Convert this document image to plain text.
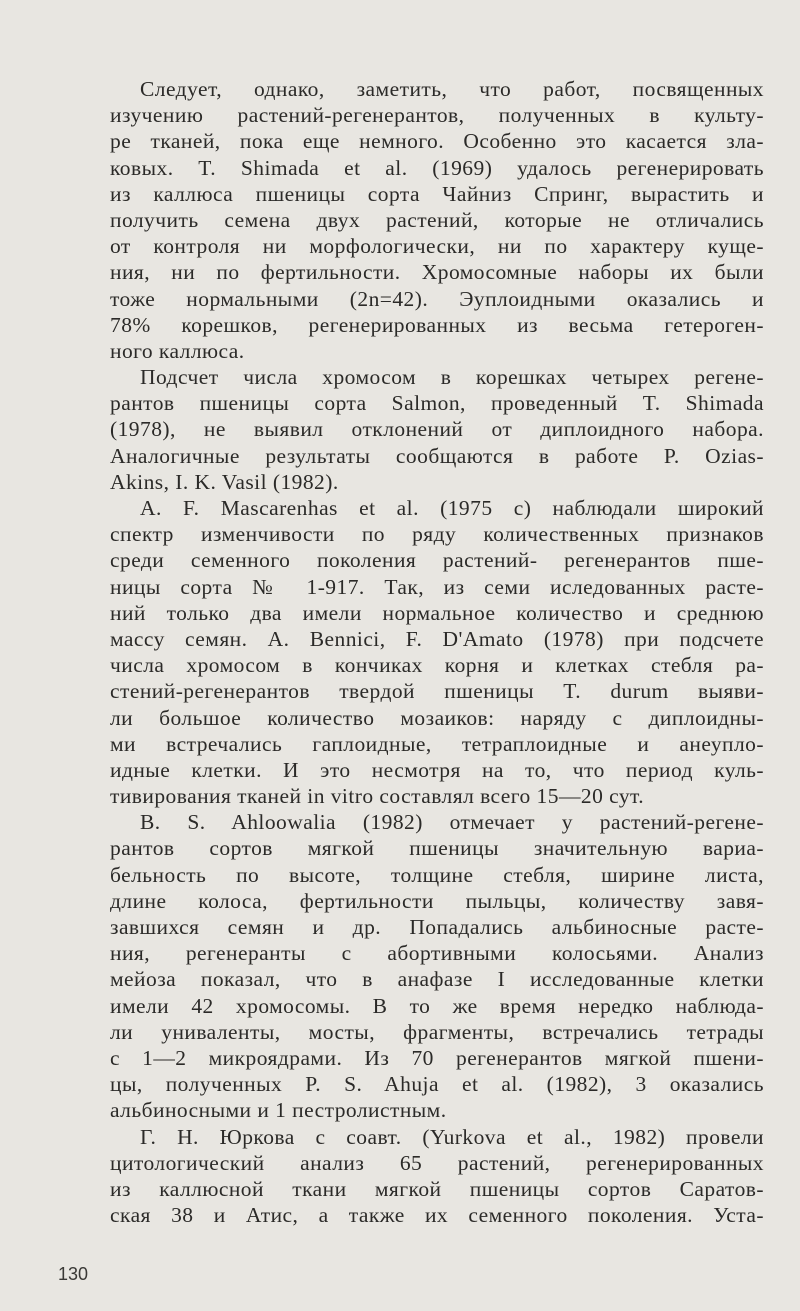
Следует, однако, заметить, что работ, посвященных
изучению растений-регенерантов, полученных в культу-
ре тканей, пока еще немного. Особенно это касается зла-
ковых. T. Shimada et al. (1969) удалось регенерировать
из каллюса пшеницы сорта Чайниз Спринг, вырастить и
получить семена двух растений, которые не отличались
от контроля ни морфологически, ни по характеру куще-
ния, ни по фертильности. Хромосомные наборы их были
тоже нормальными (2n=42). Эуплоидными оказались и
78% корешков, регенерированных из весьма гетероген-
ного каллюса.
Подсчет числа хромосом в корешках четырех регене-
рантов пшеницы сорта Salmon, проведенный T. Shimada
(1978), не выявил отклонений от диплоидного набора.
Аналогичные результаты сообщаются в работе P. Ozias-
Akins, I. K. Vasil (1982).
A. F. Mascarenhas et al. (1975 c) наблюдали широкий
спектр изменчивости по ряду количественных признаков
среди семенного поколения растений- регенерантов пше-
ницы сорта № 1-917. Так, из семи иследованных расте-
ний только два имели нормальное количество и среднюю
массу семян. A. Bennici, F. D'Amato (1978) при подсчете
числа хромосом в кончиках корня и клетках стебля ра-
стений-регенерантов твердой пшеницы T. durum выяви-
ли большое количество мозаиков: наряду с диплоидны-
ми встречались гаплоидные, тетраплоидные и анеупло-
идные клетки. И это несмотря на то, что период куль-
тивирования тканей in vitro составлял всего 15—20 сут.
B. S. Ahloowalia (1982) отмечает у растений-регене-
рантов сортов мягкой пшеницы значительную вариа-
бельность по высоте, толщине стебля, ширине листа,
длине колоса, фертильности пыльцы, количеству завя-
завшихся семян и др. Попадались альбиносные расте-
ния, регенеранты с абортивными колосьями. Анализ
мейоза показал, что в анафазе I исследованные клетки
имели 42 хромосомы. В то же время нередко наблюда-
ли униваленты, мосты, фрагменты, встречались тетрады
с 1—2 микроядрами. Из 70 регенерантов мягкой пшени-
цы, полученных P. S. Ahuja et al. (1982), 3 оказались
альбиносными и 1 пестролистным.
Г. Н. Юркова с соавт. (Yurkova et al., 1982) провели
цитологический анализ 65 растений, регенерированных
из каллюсной ткани мягкой пшеницы сортов Саратов-
ская 38 и Атис, а также их семенного поколения. Уста-
130
